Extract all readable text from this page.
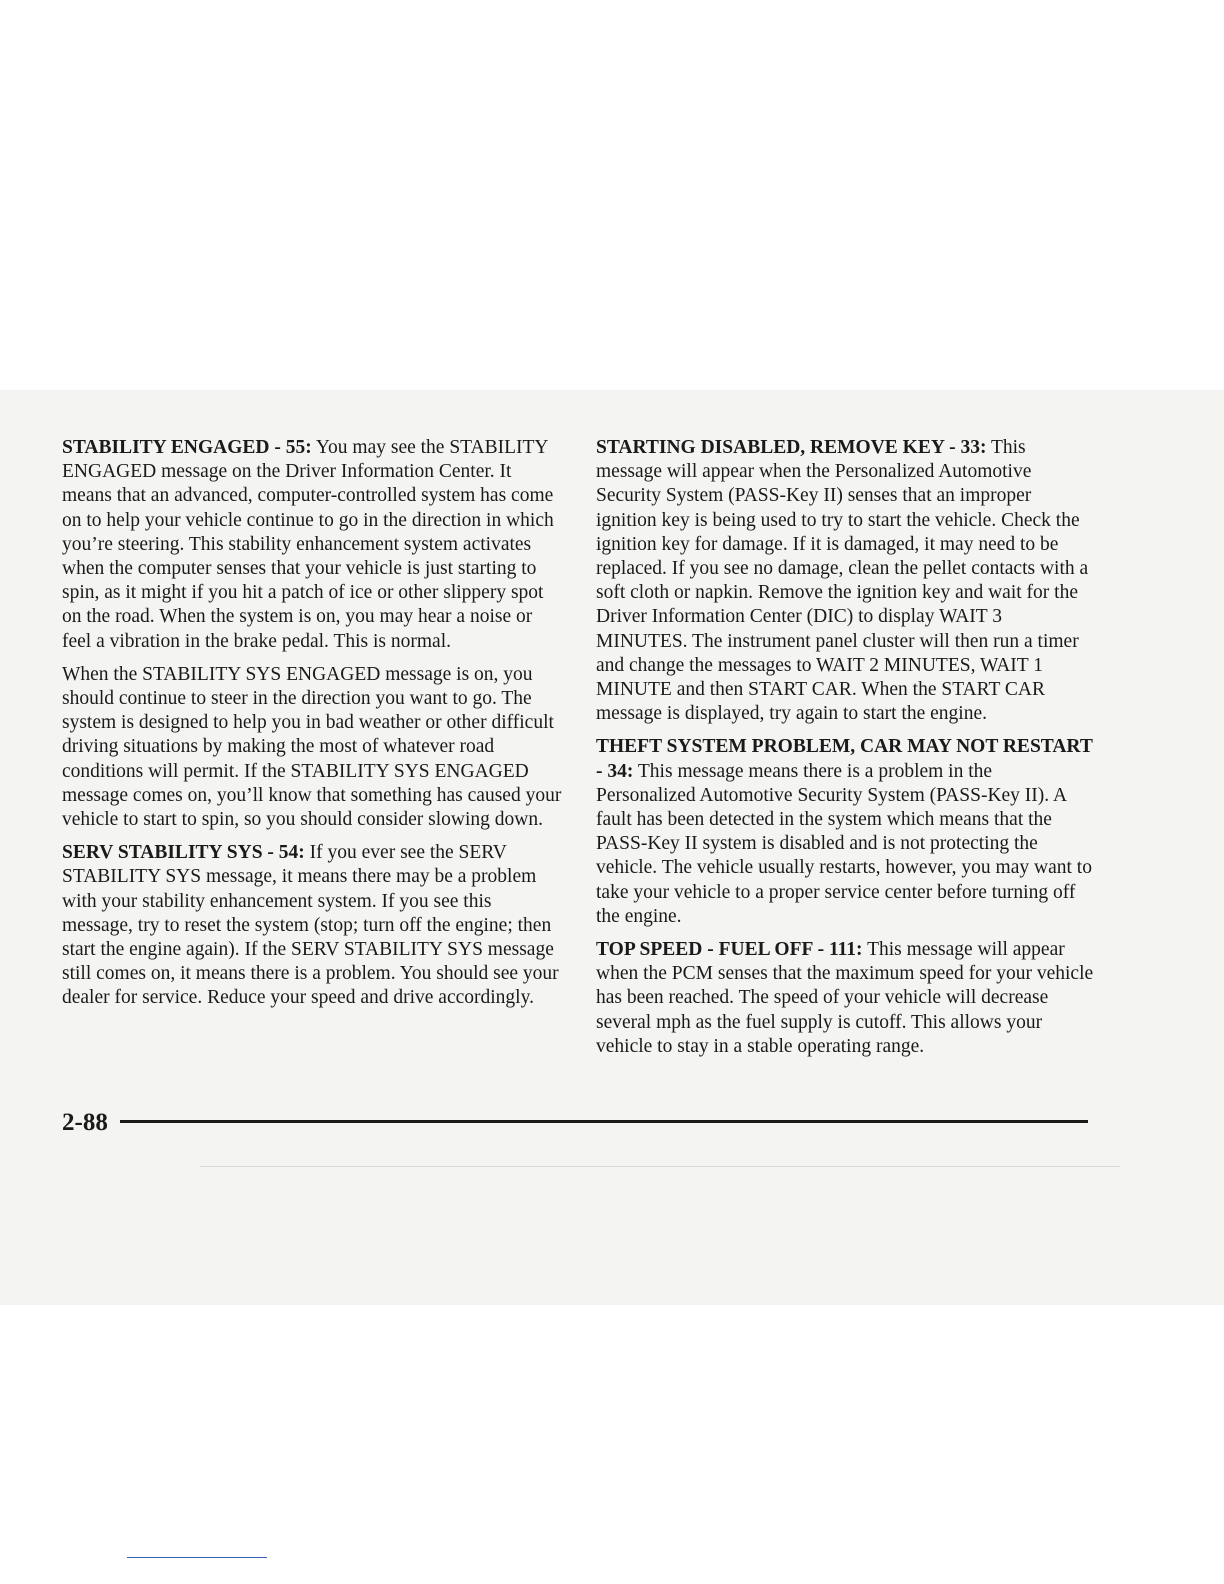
STABILITY ENGAGED - 55: You may see the STABILITY ENGAGED message on the Driver Information Center. It means that an advanced, computer-controlled system has come on to help your vehicle continue to go in the direction in which you’re steering. This stability enhancement system activates when the computer senses that your vehicle is just starting to spin, as it might if you hit a patch of ice or other slippery spot on the road. When the system is on, you may hear a noise or feel a vibration in the brake pedal. This is normal.

When the STABILITY SYS ENGAGED message is on, you should continue to steer in the direction you want to go. The system is designed to help you in bad weather or other difficult driving situations by making the most of whatever road conditions will permit. If the STABILITY SYS ENGAGED message comes on, you’ll know that something has caused your vehicle to start to spin, so you should consider slowing down.

SERV STABILITY SYS - 54: If you ever see the SERV STABILITY SYS message, it means there may be a problem with your stability enhancement system. If you see this message, try to reset the system (stop; turn off the engine; then start the engine again). If the SERV STABILITY SYS message still comes on, it means there is a problem. You should see your dealer for service. Reduce your speed and drive accordingly.

STARTING DISABLED, REMOVE KEY - 33: This message will appear when the Personalized Automotive Security System (PASS-Key II) senses that an improper ignition key is being used to try to start the vehicle. Check the ignition key for damage. If it is damaged, it may need to be replaced. If you see no damage, clean the pellet contacts with a soft cloth or napkin. Remove the ignition key and wait for the Driver Information Center (DIC) to display WAIT 3 MINUTES. The instrument panel cluster will then run a timer and change the messages to WAIT 2 MINUTES, WAIT 1 MINUTE and then START CAR. When the START CAR message is displayed, try again to start the engine.

THEFT SYSTEM PROBLEM, CAR MAY NOT RESTART - 34: This message means there is a problem in the Personalized Automotive Security System (PASS-Key II). A fault has been detected in the system which means that the PASS-Key II system is disabled and is not protecting the vehicle. The vehicle usually restarts, however, you may want to take your vehicle to a proper service center before turning off the engine.

TOP SPEED - FUEL OFF - 111: This message will appear when the PCM senses that the maximum speed for your vehicle has been reached. The speed of your vehicle will decrease several mph as the fuel supply is cutoff. This allows your vehicle to stay in a stable operating range.

2-88
